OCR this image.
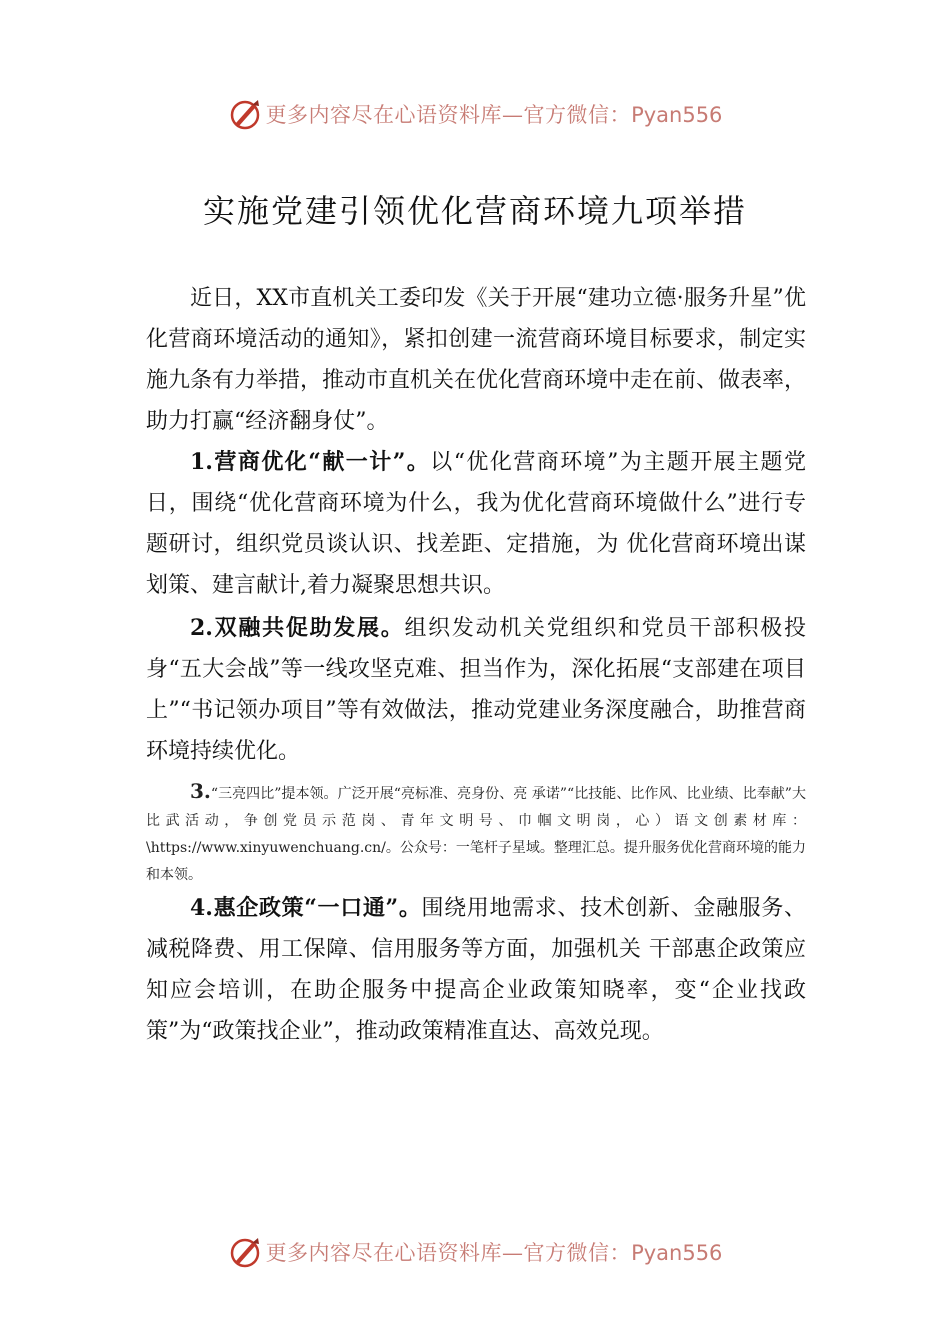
更多内容尽在心语资料库—官方微信：Pyan556
实施党建引领优化营商环境九项举措

近日，XX市直机关工委印发《关于开展“建功立德·服务升星”优化营商环境活动的通知》，紧扣创建一流营商环境目标要求，制定实施九条有力举措，推动市直机关在优化营商环境中走在前、做表率，助力打赢“经济翻身仗”。

1.营商优化“献一计”。以“优化营商环境”为主题开展主题党日，围绕“优化营商环境为什么，我为优化营商环境做什么”进行专题研讨，组织党员谈认识、找差距、定措施，为 优化营商环境出谋划策、建言献计,着力凝聚思想共识。

2.双融共促助发展。组织发动机关党组织和党员干部积极投身“五大会战”等一线攻坚克难、担当作为，深化拓展“支部建在项目上”“书记领办项目”等有效做法，推动党建业务深度融合，助推营商环境持续优化。

3.“三亮四比”提本领。广泛开展“亮标准、亮身份、亮 承诺”“比技能、比作风、比业绩、比奉献”大比武活动，争创党员示范岗、青年文明号、巾帼文明岗，心）语文创素材库：\https://www.xinyuwenchuang.cn/。公众号：一笔杆子星域。整理汇总。提升服务优化营商环境的能力和本领。

4.惠企政策“一口通”。围绕用地需求、技术创新、金融服务、减税降费、用工保障、信用服务等方面，加强机关 干部惠企政策应知应会培训，在助企服务中提高企业政策知晓率，变“企业找政策”为“政策找企业”，推动政策精准直达、高效兑现。

更多内容尽在心语资料库—官方微信：Pyan556
